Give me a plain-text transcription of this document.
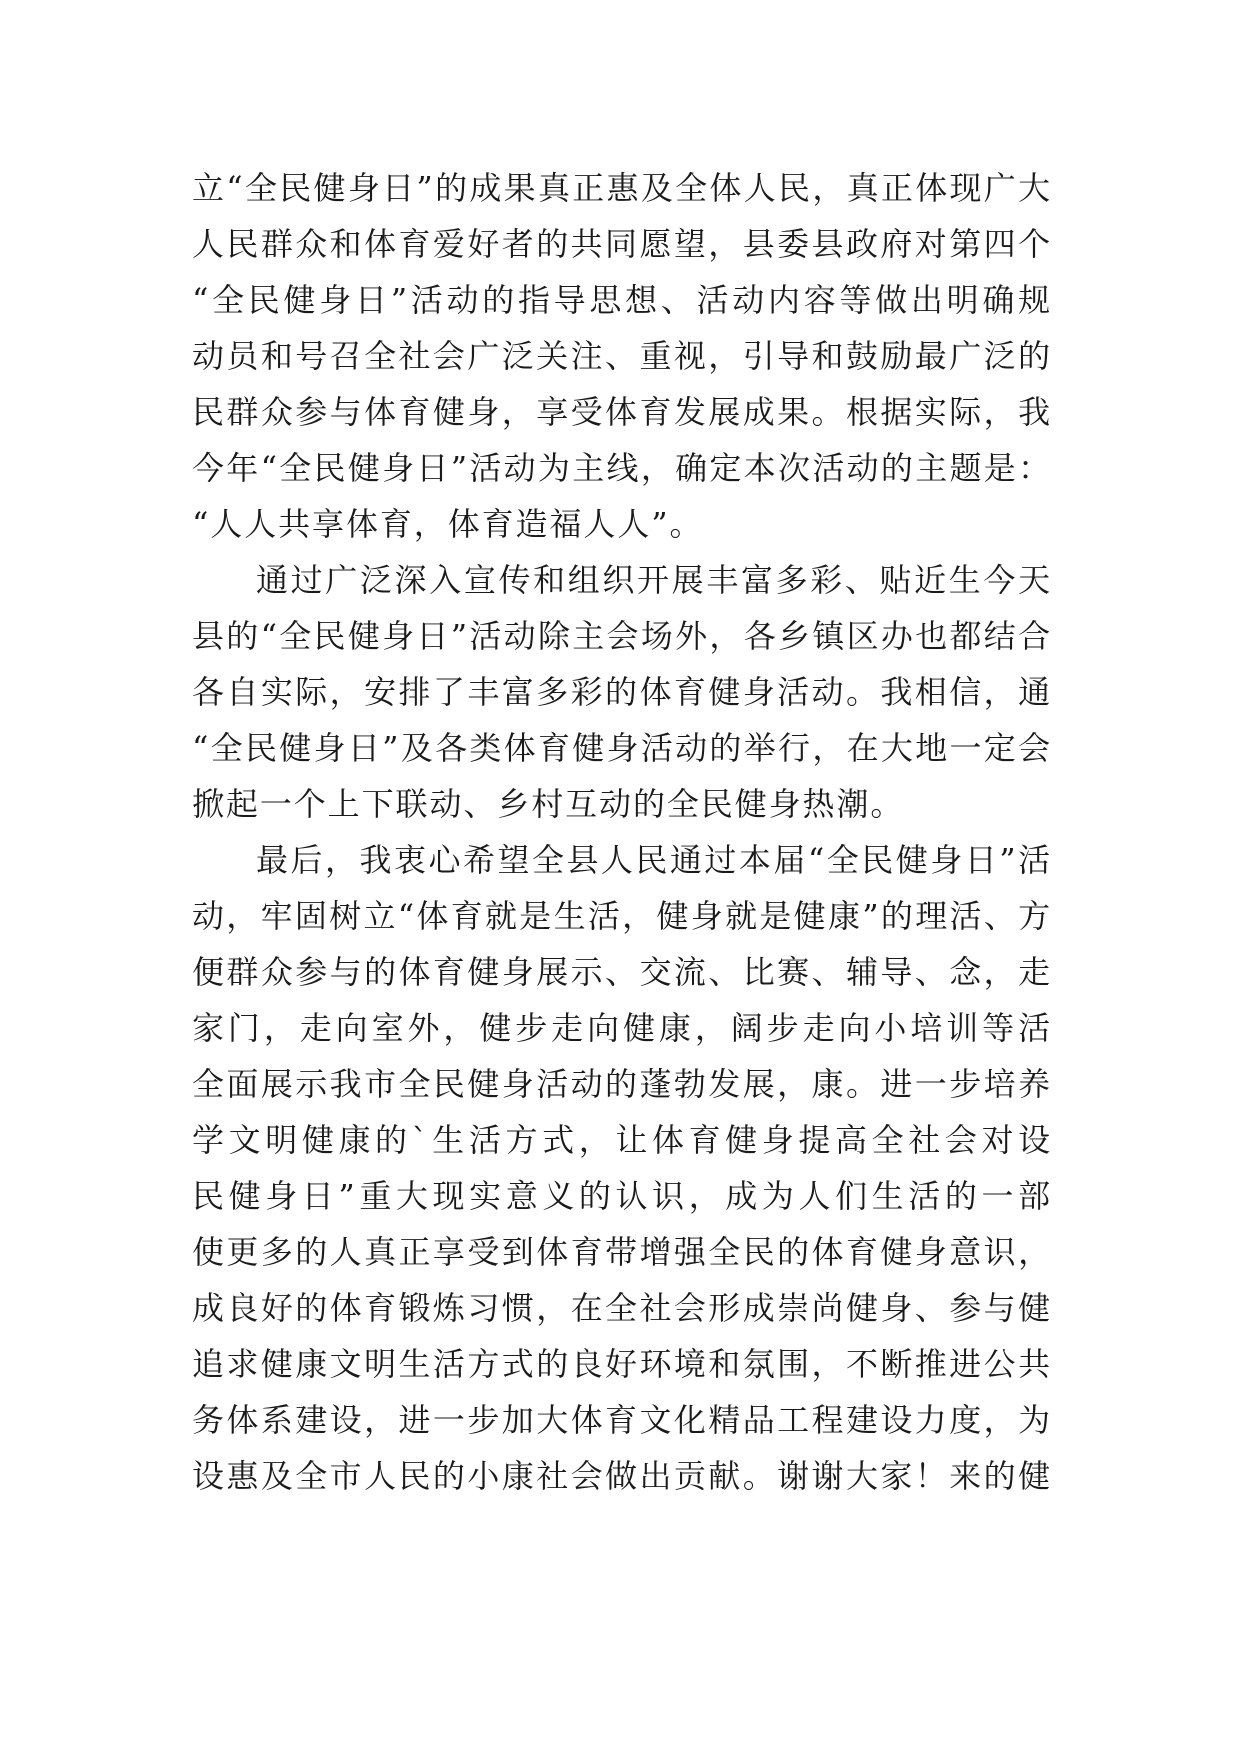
立“全民健身日”的成果真正惠及全体人民，真正体现广大
人民群众和体育爱好者的共同愿望，县委县政府对第四个
“全民健身日”活动的指导思想、活动内容等做出明确规
动员和号召全社会广泛关注、重视，引导和鼓励最广泛的
民群众参与体育健身，享受体育发展成果。根据实际，我
今年“全民健身日”活动为主线，确定本次活动的主题是：
“人人共享体育，体育造福人人”。
通过广泛深入宣传和组织开展丰富多彩、贴近生今天
县的“全民健身日”活动除主会场外，各乡镇区办也都结合
各自实际，安排了丰富多彩的体育健身活动。我相信，通
“全民健身日”及各类体育健身活动的举行，在大地一定会
掀起一个上下联动、乡村互动的全民健身热潮。
最后，我衷心希望全县人民通过本届“全民健身日”活
动，牢固树立“体育就是生活，健身就是健康”的理活、方
便群众参与的体育健身展示、交流、比赛、辅导、念，走
家门，走向室外，健步走向健康，阔步走向小培训等活
全面展示我市全民健身活动的蓬勃发展，康。进一步培养
学文明健康的`生活方式，让体育健身提高全社会对设
民健身日”重大现实意义的认识，成为人们生活的一部
使更多的人真正享受到体育带增强全民的体育健身意识，
成良好的体育锻炼习惯，在全社会形成崇尚健身、参与健
追求健康文明生活方式的良好环境和氛围，不断推进公共
务体系建设，进一步加大体育文化精品工程建设力度，为
设惠及全市人民的小康社会做出贡献。谢谢大家！来的健
